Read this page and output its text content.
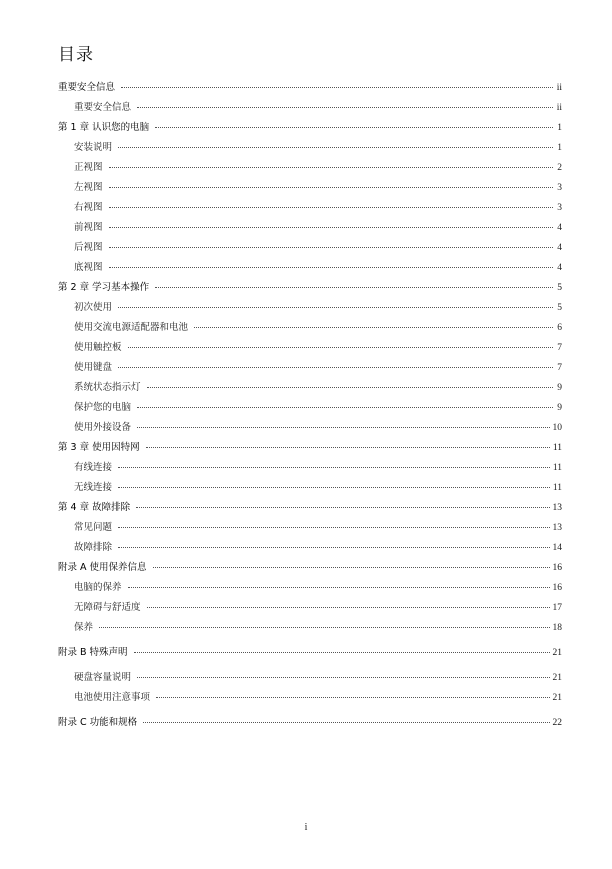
目录
重要安全信息	ii
重要安全信息	ii
第 1 章 认识您的电脑	1
安装说明	1
正视图	2
左视图	3
右视图	3
前视图	4
后视图	4
底视图	4
第 2 章 学习基本操作	5
初次使用	5
使用交流电源适配器和电池	6
使用触控板	7
使用键盘	7
系统状态指示灯	9
保护您的电脑	9
使用外接设备	10
第 3 章 使用因特网	11
有线连接	11
无线连接	11
第 4 章 故障排除	13
常见问题	13
故障排除	14
附录 A 使用保养信息	16
电脑的保养	16
无障碍与舒适度	17
保养	18
附录 B 特殊声明	21
硬盘容量说明	21
电池使用注意事项	21
附录 C 功能和规格	22
i
